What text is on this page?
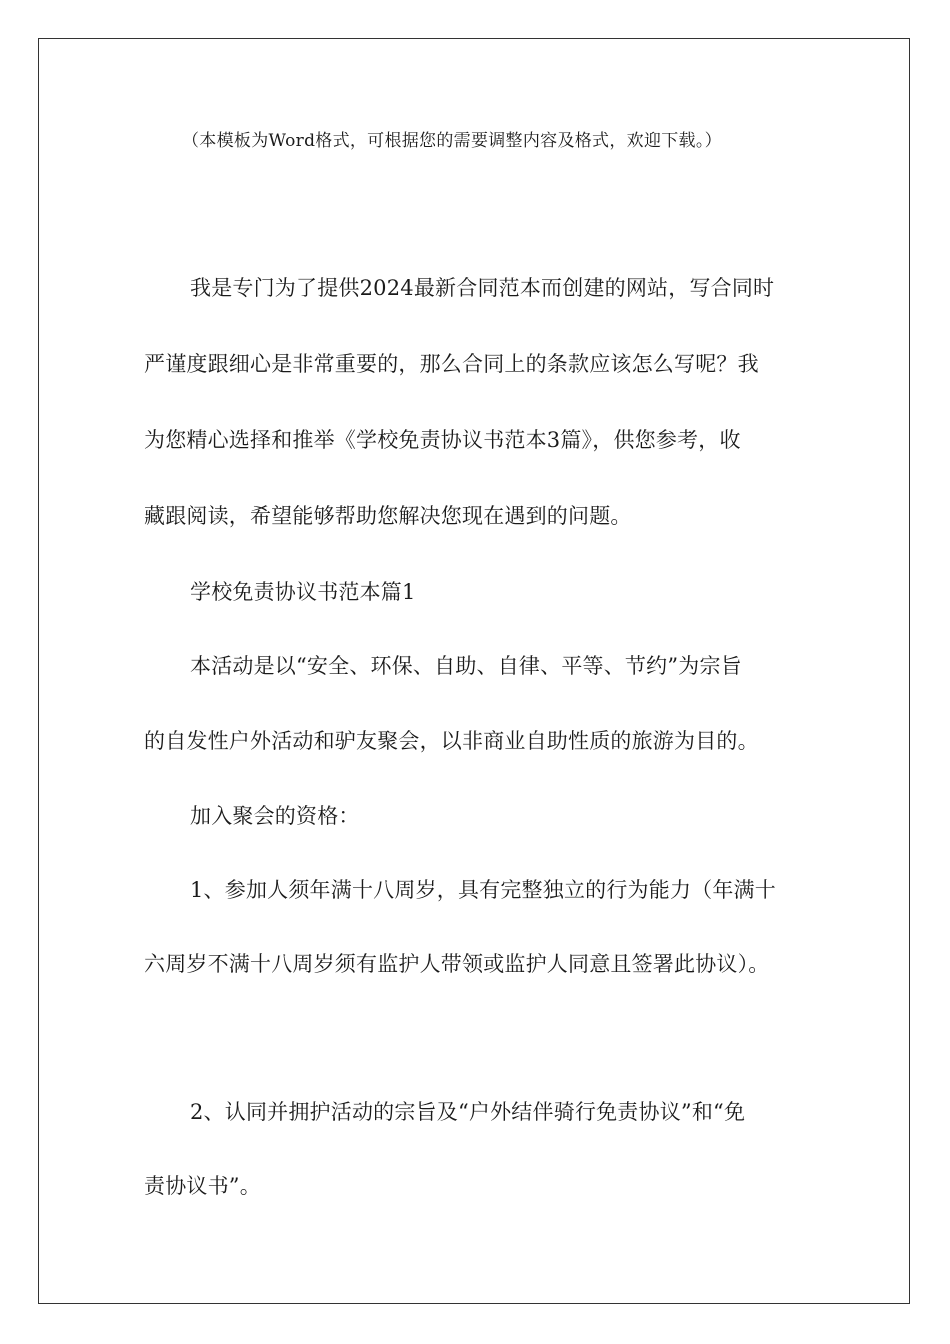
（本模板为Word格式，可根据您的需要调整内容及格式，欢迎下载。）
我是专门为了提供2024最新合同范本而创建的网站，写合同时
严谨度跟细心是非常重要的，那么合同上的条款应该怎么写呢？我
为您精心选择和推举《学校免责协议书范本3篇》，供您参考，收
藏跟阅读，希望能够帮助您解决您现在遇到的问题。
学校免责协议书范本篇1
本活动是以“安全、环保、自助、自律、平等、节约”为宗旨
的自发性户外活动和驴友聚会，以非商业自助性质的旅游为目的。
加入聚会的资格：
1、参加人须年满十八周岁，具有完整独立的行为能力（年满十
六周岁不满十八周岁须有监护人带领或监护人同意且签署此协议）。
2、认同并拥护活动的宗旨及“户外结伴骑行免责协议”和“免
责协议书”。
